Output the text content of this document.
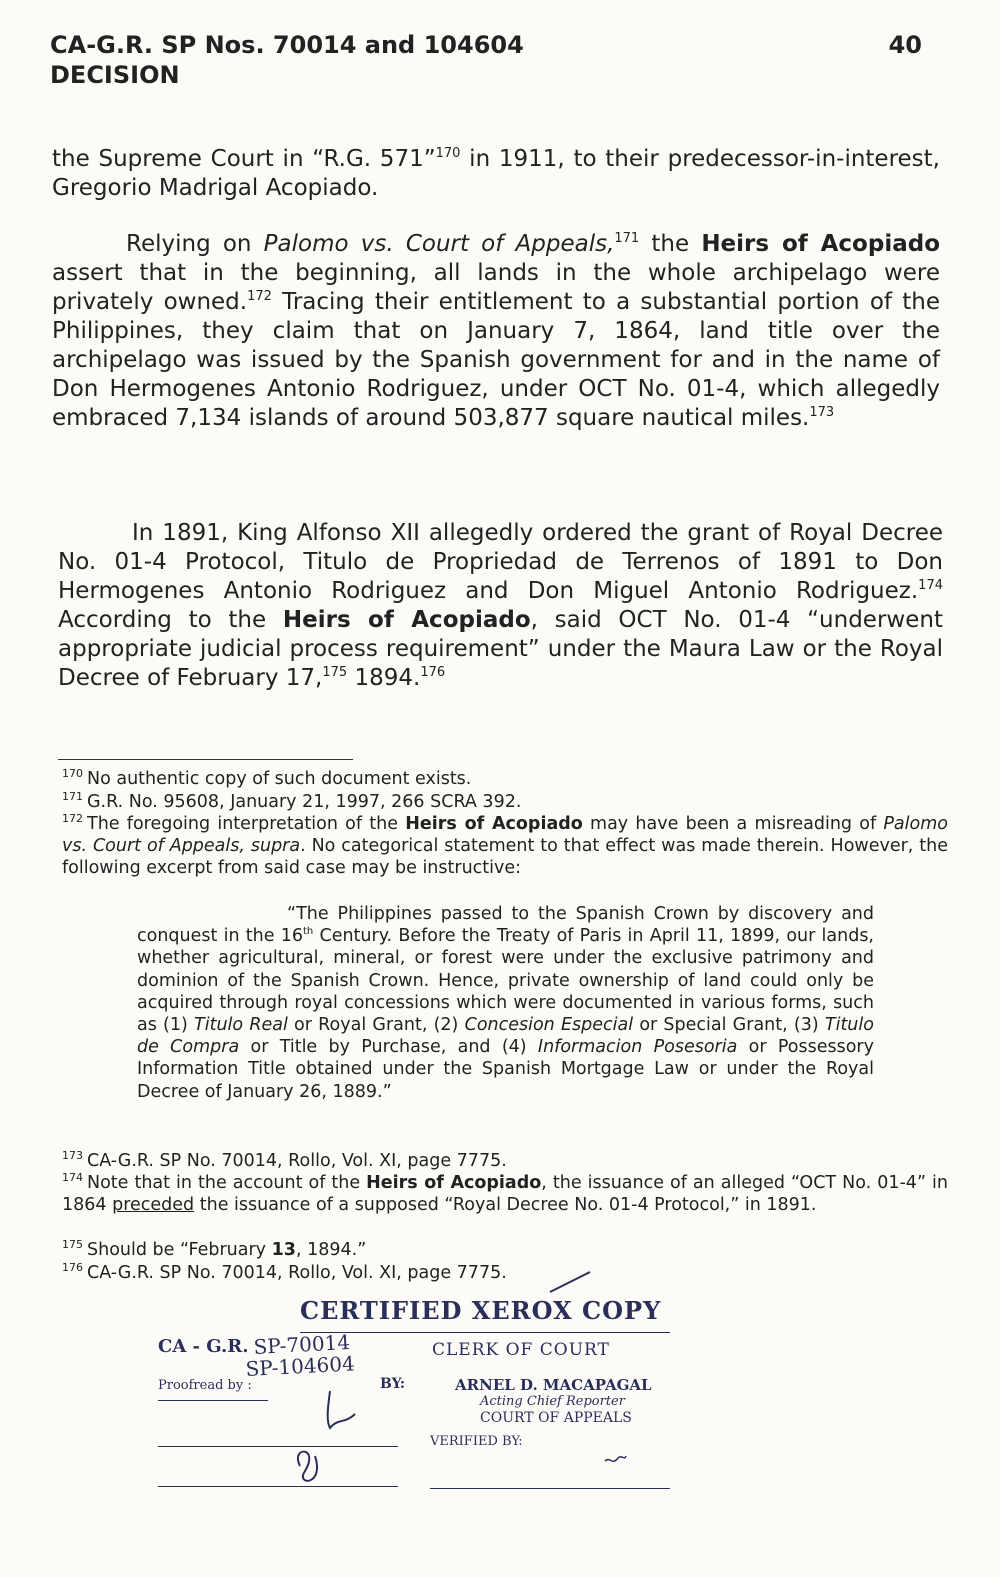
CA-G.R. SP Nos. 70014 and 104604
DECISION
40

the Supreme Court in “R.G. 571”$^{170}$ in 1911, to their predecessor-in-interest, Gregorio Madrigal Acopiado.

Relying on Palomo vs. Court of Appeals,$^{171}$ the Heirs of Acopiado assert that in the beginning, all lands in the whole archipelago were privately owned.$^{172}$ Tracing their entitlement to a substantial portion of the Philippines, they claim that on January 7, 1864, land title over the archipelago was issued by the Spanish government for and in the name of Don Hermogenes Antonio Rodriguez, under OCT No. 01-4, which allegedly embraced 7,134 islands of around 503,877 square nautical miles.$^{173}$

In 1891, King Alfonso XII allegedly ordered the grant of Royal Decree No. 01-4 Protocol, Titulo de Propriedad de Terrenos of 1891 to Don Hermogenes Antonio Rodriguez and Don Miguel Antonio Rodriguez.$^{174}$ According to the Heirs of Acopiado, said OCT No. 01-4 “underwent appropriate judicial process requirement” under the Maura Law or the Royal Decree of February 17,$^{175}$ 1894.$^{176}$

$^{170}$ No authentic copy of such document exists.
$^{171}$ G.R. No. 95608, January 21, 1997, 266 SCRA 392.
$^{172}$ The foregoing interpretation of the Heirs of Acopiado may have been a misreading of Palomo vs. Court of Appeals, supra. No categorical statement to that effect was made therein. However, the following excerpt from said case may be instructive:

“The Philippines passed to the Spanish Crown by discovery and conquest in the 16th Century. Before the Treaty of Paris in April 11, 1899, our lands, whether agricultural, mineral, or forest were under the exclusive patrimony and dominion of the Spanish Crown. Hence, private ownership of land could only be acquired through royal concessions which were documented in various forms, such as (1) Titulo Real or Royal Grant, (2) Concesion Especial or Special Grant, (3) Titulo de Compra or Title by Purchase, and (4) Informacion Posesoria or Possessory Information Title obtained under the Spanish Mortgage Law or under the Royal Decree of January 26, 1889.”

$^{173}$ CA-G.R. SP No. 70014, Rollo, Vol. XI, page 7775.
$^{174}$ Note that in the account of the Heirs of Acopiado, the issuance of an alleged “OCT No. 01-4” in 1864 preceded the issuance of a supposed “Royal Decree No. 01-4 Protocol,” in 1891.
$^{175}$ Should be “February 13, 1894.”
$^{176}$ CA-G.R. SP No. 70014, Rollo, Vol. XI, page 7775.
CERTIFIED XEROX COPY
CA - G.R.	CLERK OF COURT
Proofread by :	BY:	ARNEL D. MACAPAGAL
Acting Chief Reporter
COURT OF APPEALS
VERIFIED BY:
SP-70014
SP-104604
